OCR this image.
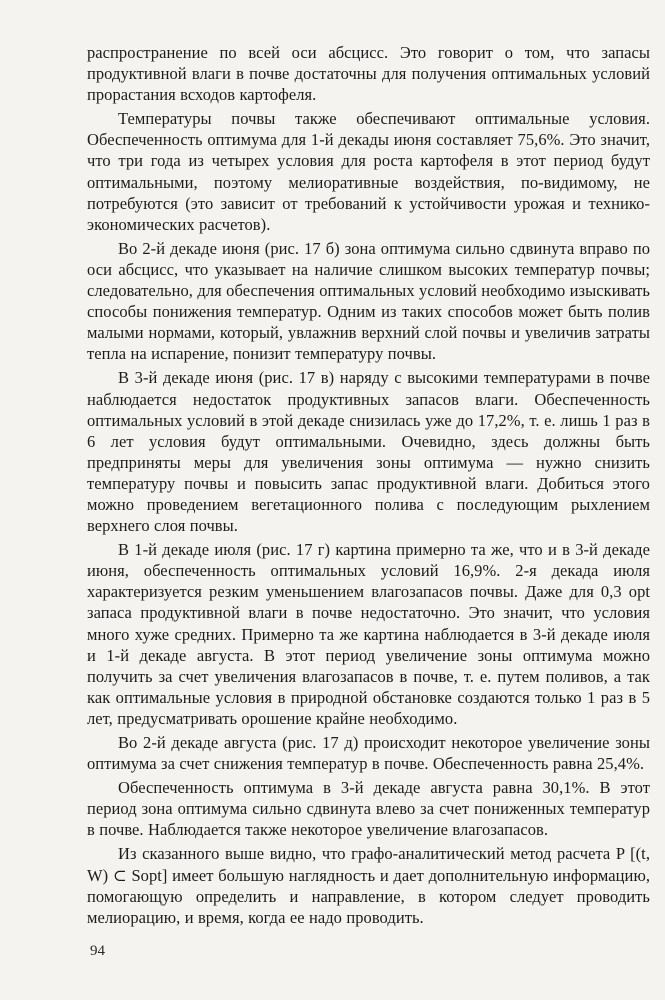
распространение по всей оси абсцисс. Это говорит о том, что запасы продуктивной влаги в почве достаточны для получения оптимальных условий прорастания всходов картофеля.

Температуры почвы также обеспечивают оптимальные условия. Обеспеченность оптимума для 1-й декады июня составляет 75,6%. Это значит, что три года из четырех условия для роста картофеля в этот период будут оптимальными, поэтому мелиоративные воздействия, по-видимому, не потребуются (это зависит от требований к устойчивости урожая и технико-экономических расчетов).

Во 2-й декаде июня (рис. 17 б) зона оптимума сильно сдвинута вправо по оси абсцисс, что указывает на наличие слишком высоких температур почвы; следовательно, для обеспечения оптимальных условий необходимо изыскивать способы понижения температур. Одним из таких способов может быть полив малыми нормами, который, увлажнив верхний слой почвы и увеличив затраты тепла на испарение, понизит температуру почвы.

В 3-й декаде июня (рис. 17 в) наряду с высокими температурами в почве наблюдается недостаток продуктивных запасов влаги. Обеспеченность оптимальных условий в этой декаде снизилась уже до 17,2%, т. е. лишь 1 раз в 6 лет условия будут оптимальными. Очевидно, здесь должны быть предприняты меры для увеличения зоны оптимума — нужно снизить температуру почвы и повысить запас продуктивной влаги. Добиться этого можно проведением вегетационного полива с последующим рыхлением верхнего слоя почвы.

В 1-й декаде июля (рис. 17 г) картина примерно та же, что и в 3-й декаде июня, обеспеченность оптимальных условий 16,9%. 2-я декада июля характеризуется резким уменьшением влагозапасов почвы. Даже для 0,3 opt запаса продуктивной влаги в почве недостаточно. Это значит, что условия много хуже средних. Примерно та же картина наблюдается в 3-й декаде июля и 1-й декаде августа. В этот период увеличение зоны оптимума можно получить за счет увеличения влагозапасов в почве, т. е. путем поливов, а так как оптимальные условия в природной обстановке создаются только 1 раз в 5 лет, предусматривать орошение крайне необходимо.

Во 2-й декаде августа (рис. 17 д) происходит некоторое увеличение зоны оптимума за счет снижения температур в почве. Обеспеченность равна 25,4%.

Обеспеченность оптимума в 3-й декаде августа равна 30,1%. В этот период зона оптимума сильно сдвинута влево за счет пониженных температур в почве. Наблюдается также некоторое увеличение влагозапасов.

Из сказанного выше видно, что графо-аналитический метод расчета P [(t, W) ⊂ Sopt] имеет большую наглядность и дает дополнительную информацию, помогающую определить и направление, в котором следует проводить мелиорацию, и время, когда ее надо проводить.

94
